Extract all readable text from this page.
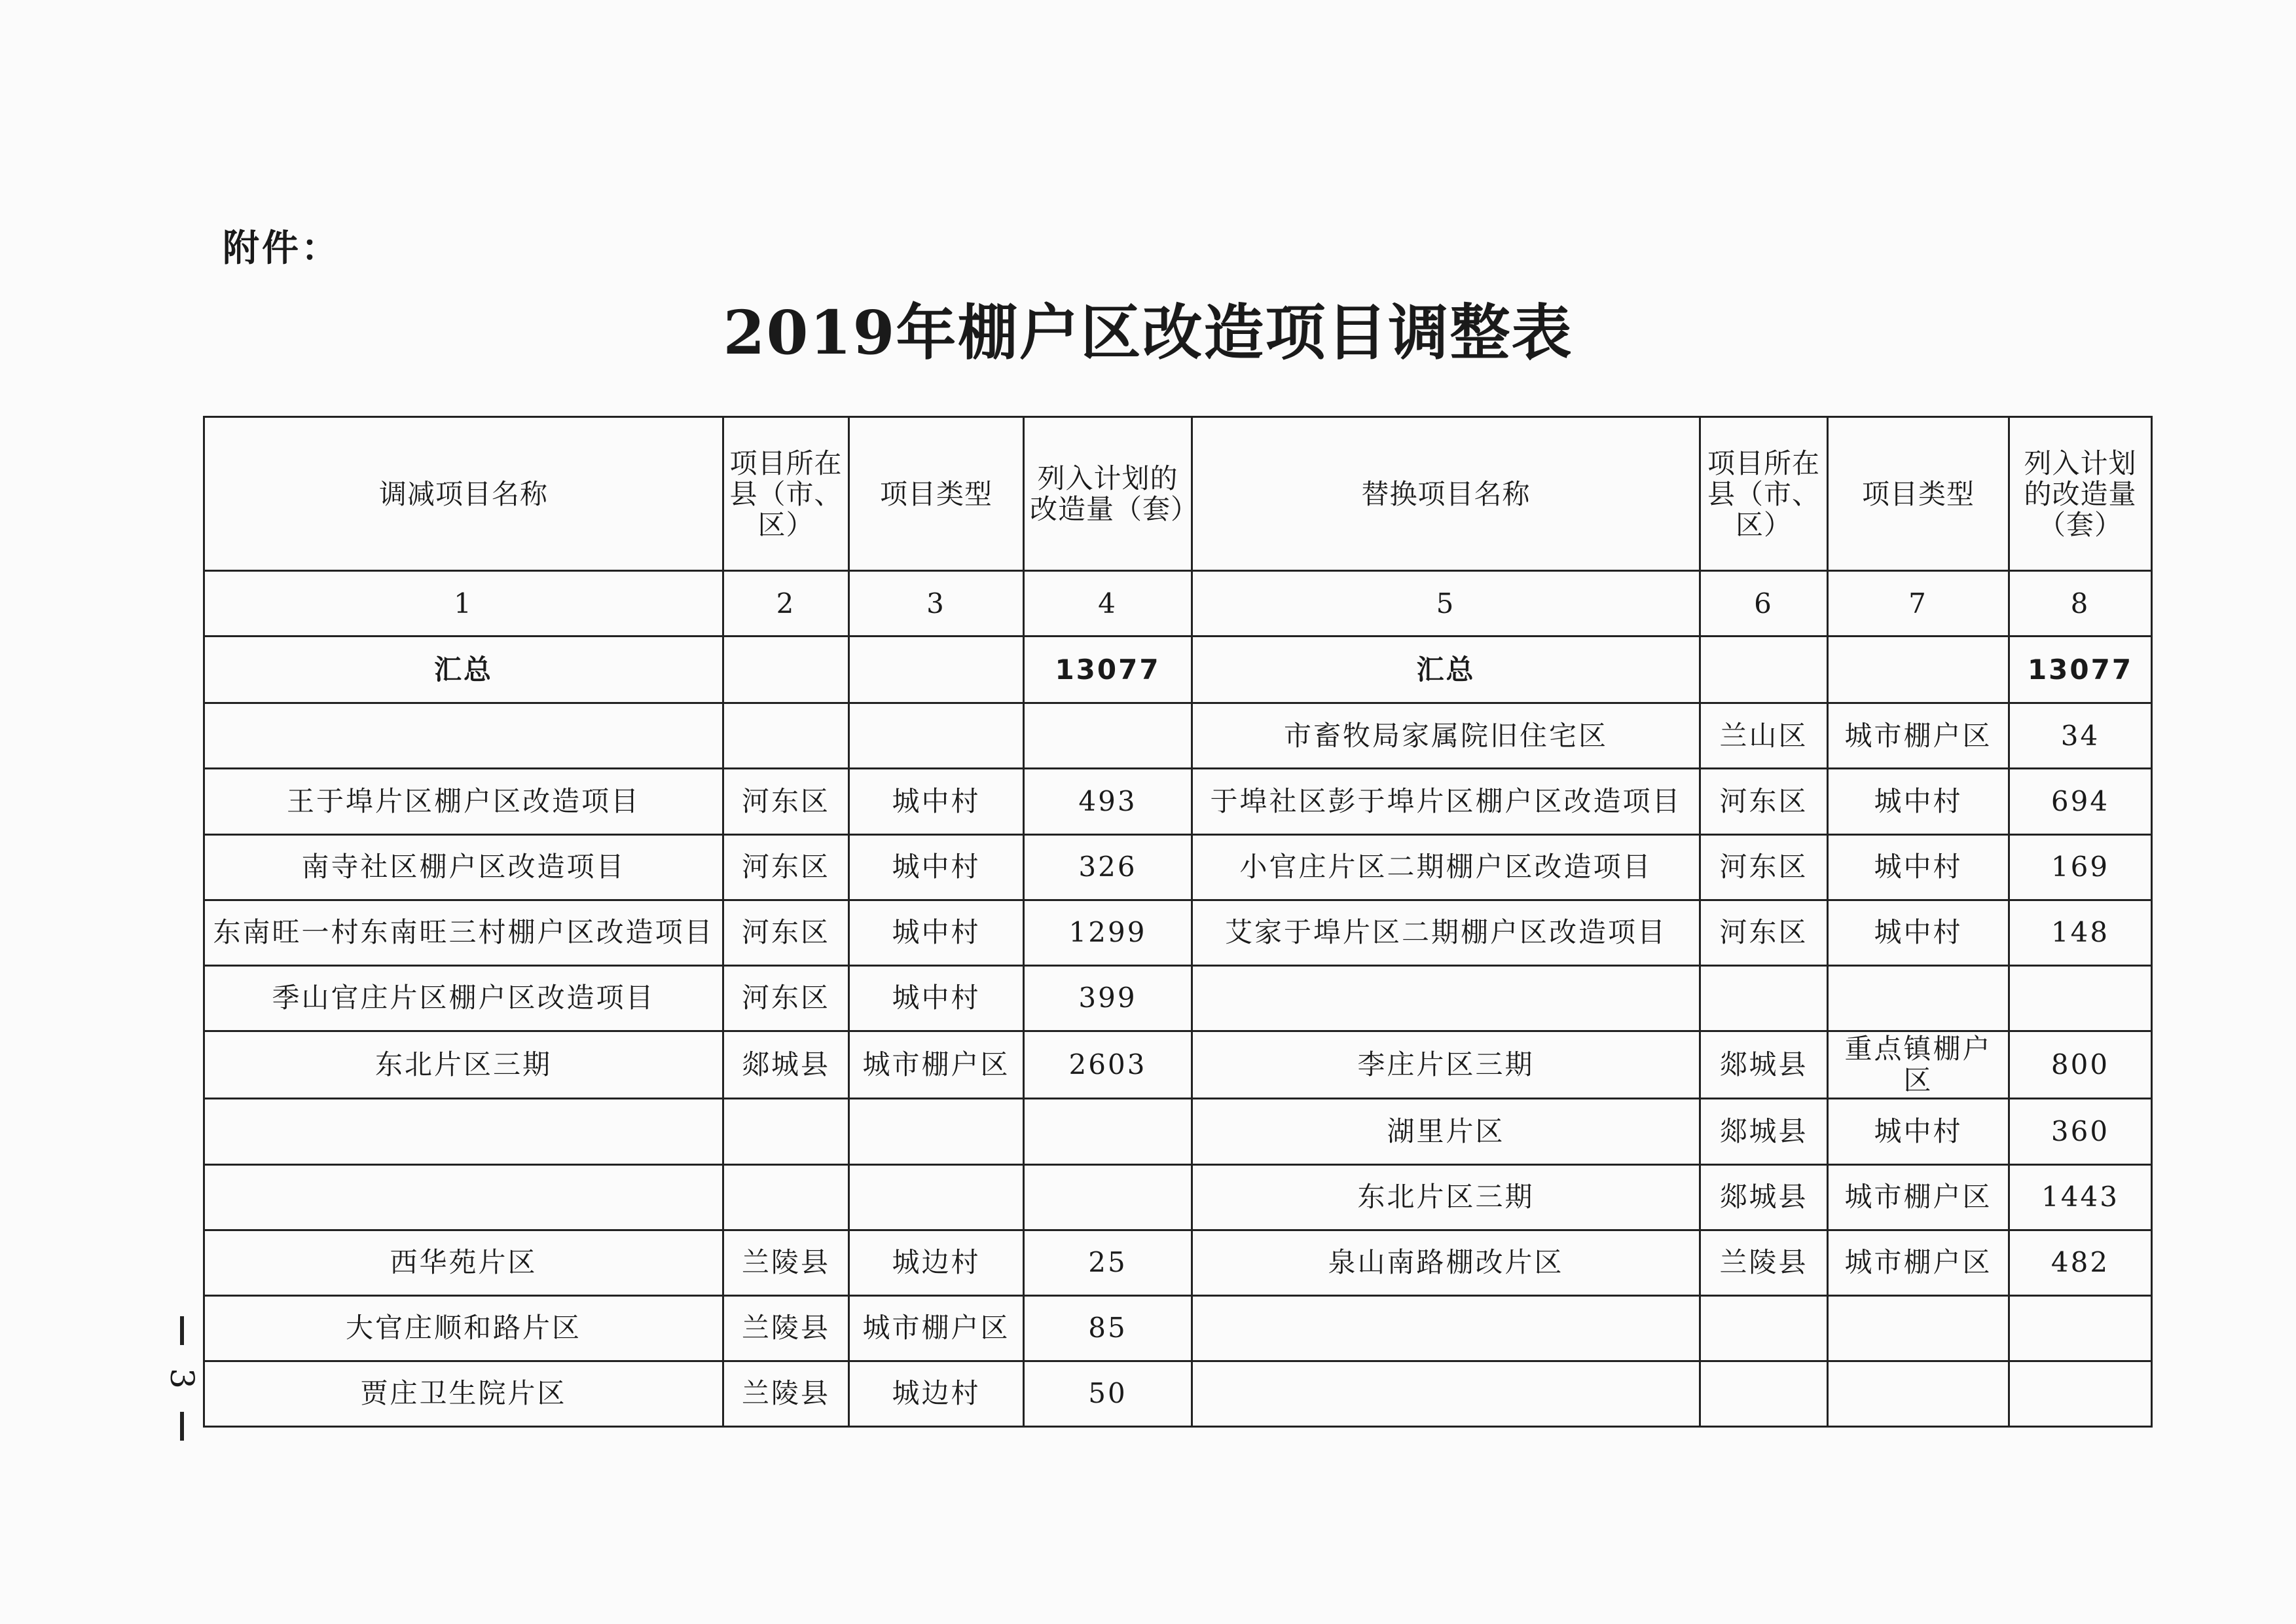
附件：
2019年棚户区改造项目调整表
调减项目名称	项目所在县（市、区）	项目类型	列入计划的改造量（套）	替换项目名称	项目所在县（市、区）	项目类型	列入计划的改造量（套）
1	2	3	4	5	6	7	8
汇总			13077	汇总			13077
				市畜牧局家属院旧住宅区	兰山区	城市棚户区	34
王于埠片区棚户区改造项目	河东区	城中村	493	于埠社区彭于埠片区棚户区改造项目	河东区	城中村	694
南寺社区棚户区改造项目	河东区	城中村	326	小官庄片区二期棚户区改造项目	河东区	城中村	169
东南旺一村东南旺三村棚户区改造项目	河东区	城中村	1299	艾家于埠片区二期棚户区改造项目	河东区	城中村	148
季山官庄片区棚户区改造项目	河东区	城中村	399				
东北片区三期	郯城县	城市棚户区	2603	李庄片区三期	郯城县	重点镇棚户区	800
				湖里片区	郯城县	城中村	360
				东北片区三期	郯城县	城市棚户区	1443
西华苑片区	兰陵县	城边村	25	泉山南路棚改片区	兰陵县	城市棚户区	482
大官庄顺和路片区	兰陵县	城市棚户区	85				
贾庄卫生院片区	兰陵县	城边村	50				
3
